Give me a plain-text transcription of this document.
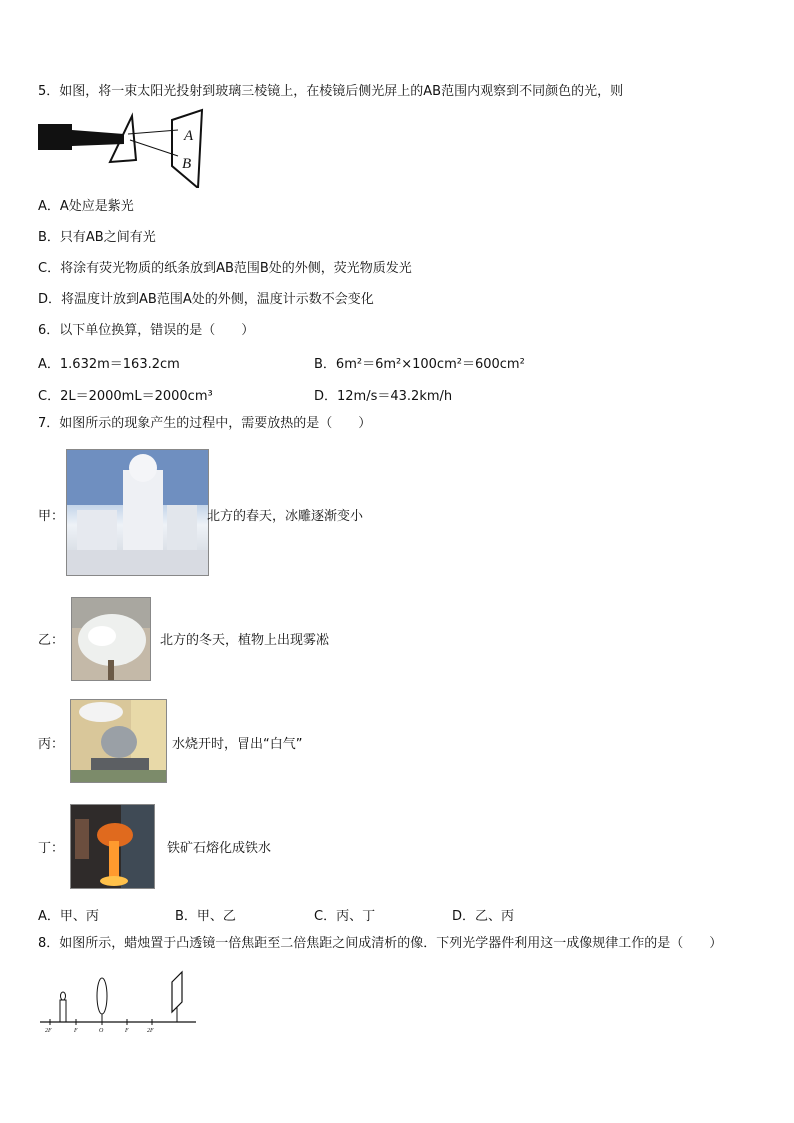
5．如图，将一束太阳光投射到玻璃三棱镜上，在棱镜后侧光屏上的AB范围内观察到不同颜色的光，则
A
B
A．A处应是紫光
B．只有AB之间有光
C．将涂有荧光物质的纸条放到AB范围B处的外侧，荧光物质发光
D．将温度计放到AB范围A处的外侧，温度计示数不会变化
6．以下单位换算，错误的是（　　）
A．1.632m＝163.2cm	B．6m²＝6m²×100cm²＝600cm²
C．2L＝2000mL＝2000cm³	D．12m/s＝43.2km/h
7．如图所示的现象产生的过程中，需要放热的是（　　）
甲：	北方的春天，冰雕逐渐变小
乙：	北方的冬天，植物上出现雾凇
丙：	水烧开时，冒出“白气”
丁：	铁矿石熔化成铁水
A．甲、丙	B．甲、乙	C．丙、丁	D．乙、丙
8．如图所示，蜡烛置于凸透镜一倍焦距至二倍焦距之间成清析的像．下列光学器件利用这一成像规律工作的是（　　）
2F	F	O	F	2F
